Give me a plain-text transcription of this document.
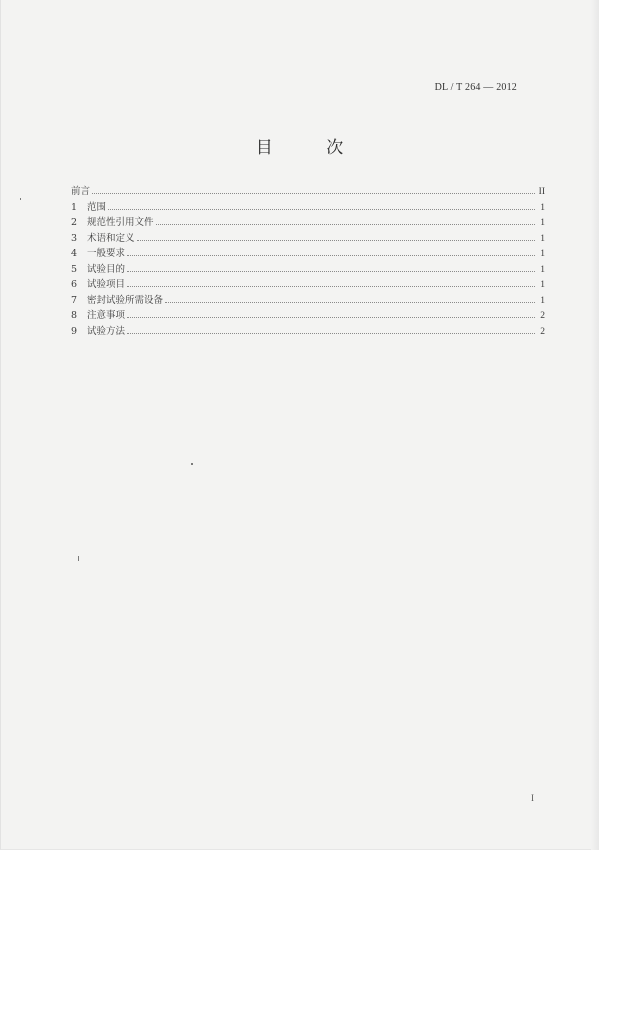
DL / T 264 — 2012
目 次
前言	II
1	范围	1
2	规范性引用文件	1
3	术语和定义	1
4	一般要求	1
5	试验目的	1
6	试验项目	1
7	密封试验所需设备	1
8	注意事项	2
9	试验方法	2
I
